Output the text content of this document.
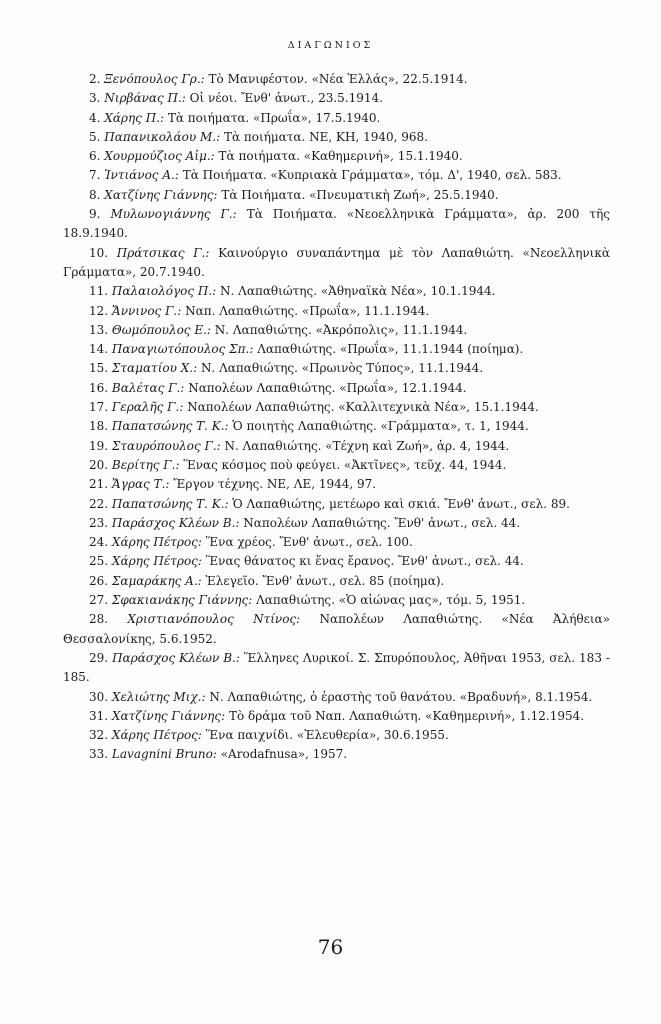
ΔΙΑΓΩΝΙΟΣ

2. Ξενόπουλος Γρ.: Τὸ Μανιφέστον. «Νέα Ἑλλάς», 22.5.1914.

3. Νιρβάνας Π.: Οἱ νέοι. Ἔνθ' ἀνωτ., 23.5.1914.

4. Χάρης Π.: Τὰ ποιήματα. «Πρωΐα», 17.5.1940.

5. Παπανικολάου Μ.: Τὰ ποιήματα. ΝΕ, ΚΗ, 1940, 968.

6. Χουρμούζιος Αἰμ.: Τὰ ποιήματα. «Καθημερινή», 15.1.1940.

7. Ἰντιάνος Α.: Τὰ Ποιήματα. «Κυπριακὰ Γράμματα», τόμ. Δ', 1940, σελ. 583.

8. Χατζίνης Γιάννης: Τὰ Ποιήματα. «Πνευματικὴ Ζωή», 25.5.1940.

9. Μυλωνογιάννης Γ.: Τὰ Ποιήματα. «Νεοελληνικὰ Γράμματα», ἀρ. 200 τῆς 18.9.1940.

10. Πράτσικας Γ.: Καινούργιο συναπάντημα μὲ τὸν Λαπαθιώτη. «Νεοελληνικὰ Γράμματα», 20.7.1940.

11. Παλαιολόγος Π.: Ν. Λαπαθιώτης. «Ἀθηναϊκὰ Νέα», 10.1.1944.

12. Ἄννινος Γ.: Ναπ. Λαπαθιώτης. «Πρωΐα», 11.1.1944.

13. Θωμόπουλος Ε.: Ν. Λαπαθιώτης. «Ἀκρόπολις», 11.1.1944.

14. Παναγιωτόπουλος Σπ.: Λαπαθιώτης. «Πρωΐα», 11.1.1944 (ποίημα).

15. Σταματίου Χ.: Ν. Λαπαθιώτης. «Πρωινὸς Τύπος», 11.1.1944.

16. Βαλέτας Γ.: Ναπολέων Λαπαθιώτης. «Πρωΐα», 12.1.1944.

17. Γεραλῆς Γ.: Ναπολέων Λαπαθιώτης. «Καλλιτεχνικὰ Νέα», 15.1.1944.

18. Παπατσώνης Τ. Κ.: Ὁ ποιητὴς Λαπαθιώτης. «Γράμματα», τ. 1, 1944.

19. Σταυρόπουλος Γ.: Ν. Λαπαθιώτης. «Τέχνη καὶ Ζωή», ἀρ. 4, 1944.

20. Βερίτης Γ.: Ἕνας κόσμος ποὺ φεύγει. «Ἀκτῖνες», τεῦχ. 44, 1944.

21. Ἄγρας Τ.: Ἔργον τέχνης. ΝΕ, ΛΕ, 1944, 97.

22. Παπατσώνης Τ. Κ.: Ὁ Λαπαθιώτης, μετέωρο καὶ σκιά. Ἔνθ' ἀνωτ., σελ. 89.

23. Παράσχος Κλέων Β.: Ναπολέων Λαπαθιώτης. Ἔνθ' ἀνωτ., σελ. 44.

24. Χάρης Πέτρος: Ἕνα χρέος. Ἔνθ' ἀνωτ., σελ. 100.

25. Χάρης Πέτρος: Ἕνας θάνατος κι ἕνας ἔρανος. Ἔνθ' ἀνωτ., σελ. 44.

26. Σαμαράκης Α.: Ἐλεγεῖο. Ἔνθ' ἀνωτ., σελ. 85 (ποίημα).

27. Σφακιανάκης Γιάννης: Λαπαθιώτης. «Ὁ αἰώνας μας», τόμ. 5, 1951.

28. Χριστιανόπουλος Ντίνος: Ναπολέων Λαπαθιώτης. «Νέα Ἀλήθεια» Θεσσαλονίκης, 5.6.1952.

29. Παράσχος Κλέων Β.: Ἕλληνες Λυρικοί. Σ. Σπυρόπουλος, Ἀθῆναι 1953, σελ. 183 - 185.

30. Χελιώτης Μιχ.: Ν. Λαπαθιώτης, ὁ ἐραστὴς τοῦ θανάτου. «Βραδυνή», 8.1.1954.

31. Χατζίνης Γιάννης: Τὸ δράμα τοῦ Ναπ. Λαπαθιώτη. «Καθημερινή», 1.12.1954.

32. Χάρης Πέτρος: Ἕνα παιχνίδι. «Ἐλευθερία», 30.6.1955.

33. Lavagnini Bruno: «Arodafnusa», 1957.

76
